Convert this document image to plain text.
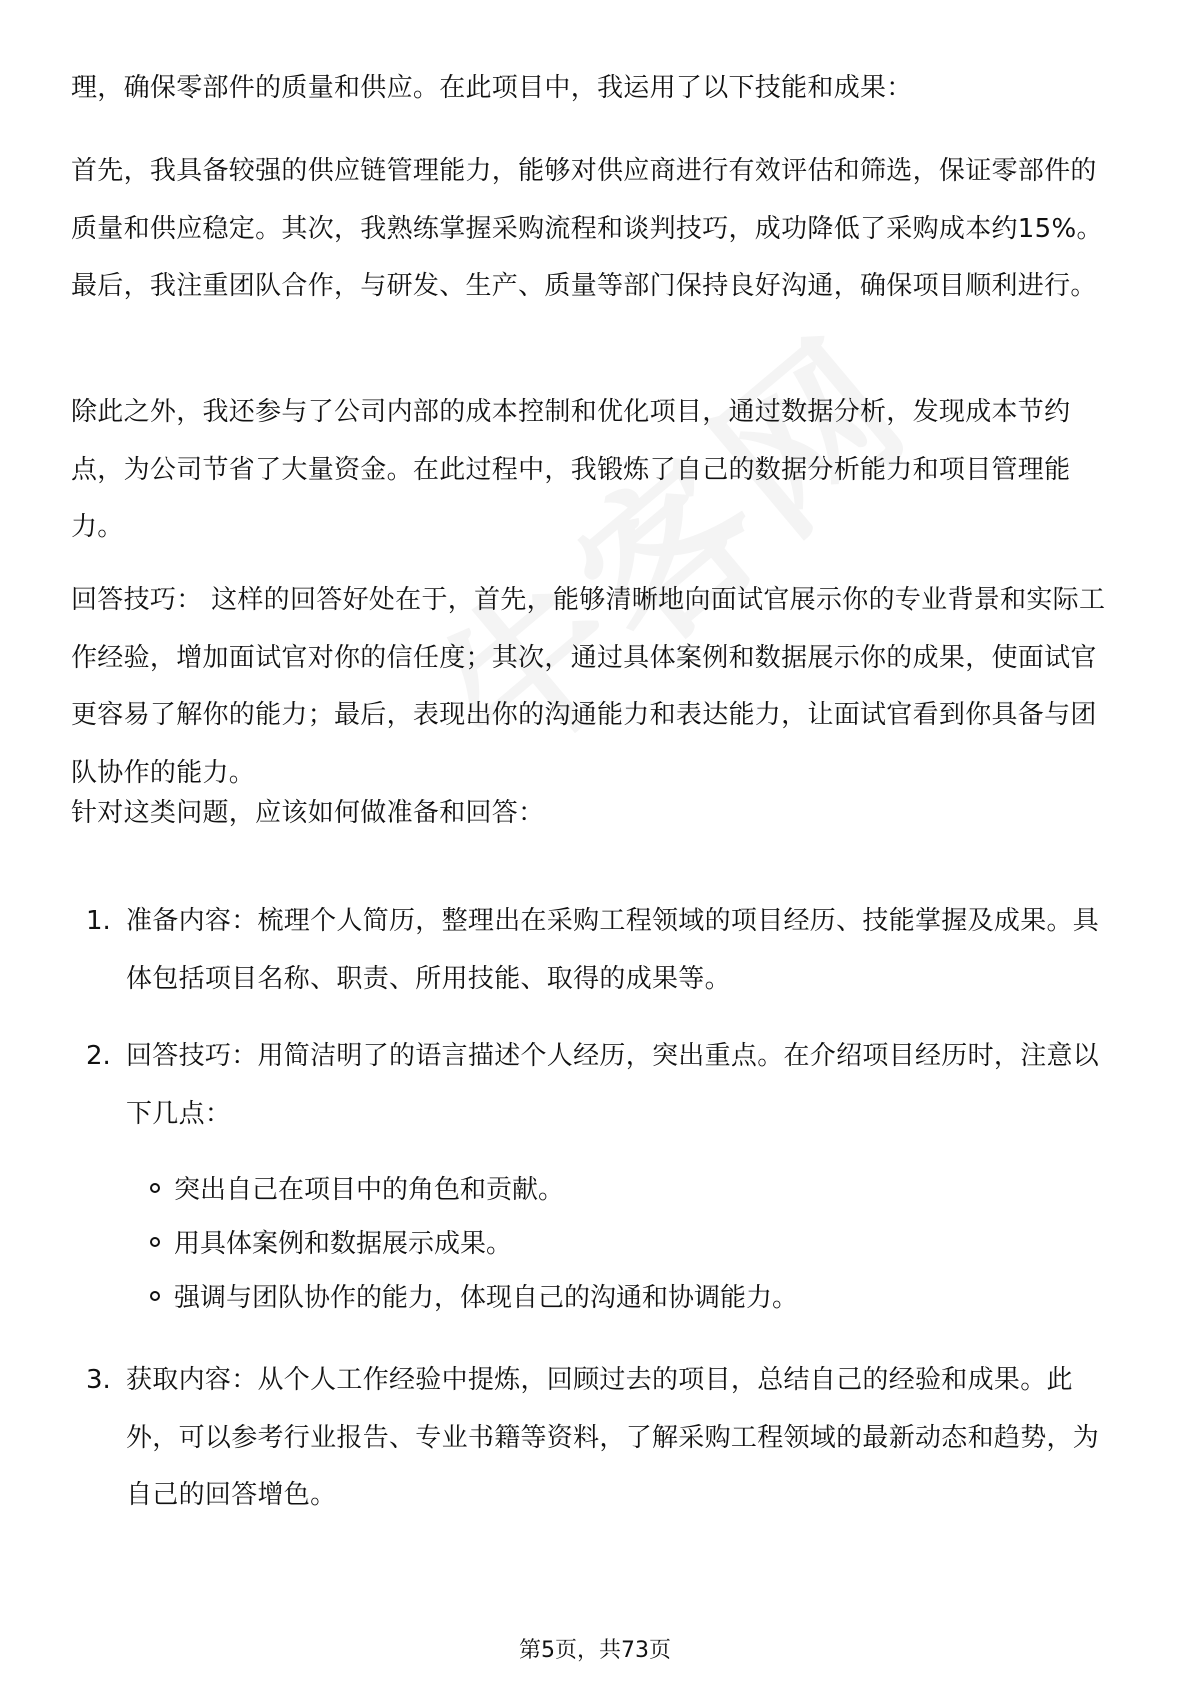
理，确保零部件的质量和供应。在此项目中，我运用了以下技能和成果：

首先，我具备较强的供应链管理能力，能够对供应商进行有效评估和筛选，保证零部件的质量和供应稳定。其次，我熟练掌握采购流程和谈判技巧，成功降低了采购成本约15%。最后，我注重团队合作，与研发、生产、质量等部门保持良好沟通，确保项目顺利进行。

除此之外，我还参与了公司内部的成本控制和优化项目，通过数据分析，发现成本节约点，为公司节省了大量资金。在此过程中，我锻炼了自己的数据分析能力和项目管理能力。

回答技巧： 这样的回答好处在于，首先，能够清晰地向面试官展示你的专业背景和实际工作经验，增加面试官对你的信任度；其次，通过具体案例和数据展示你的成果，使面试官更容易了解你的能力；最后，表现出你的沟通能力和表达能力，让面试官看到你具备与团队协作的能力。

针对这类问题，应该如何做准备和回答：

1. 准备内容：梳理个人简历，整理出在采购工程领域的项目经历、技能掌握及成果。具体包括项目名称、职责、所用技能、取得的成果等。
2. 回答技巧：用简洁明了的语言描述个人经历，突出重点。在介绍项目经历时，注意以下几点：
突出自己在项目中的角色和贡献。
用具体案例和数据展示成果。
强调与团队协作的能力，体现自己的沟通和协调能力。
3. 获取内容：从个人工作经验中提炼，回顾过去的项目，总结自己的经验和成果。此外，可以参考行业报告、专业书籍等资料，了解采购工程领域的最新动态和趋势，为自己的回答增色。
第5页，共73页
